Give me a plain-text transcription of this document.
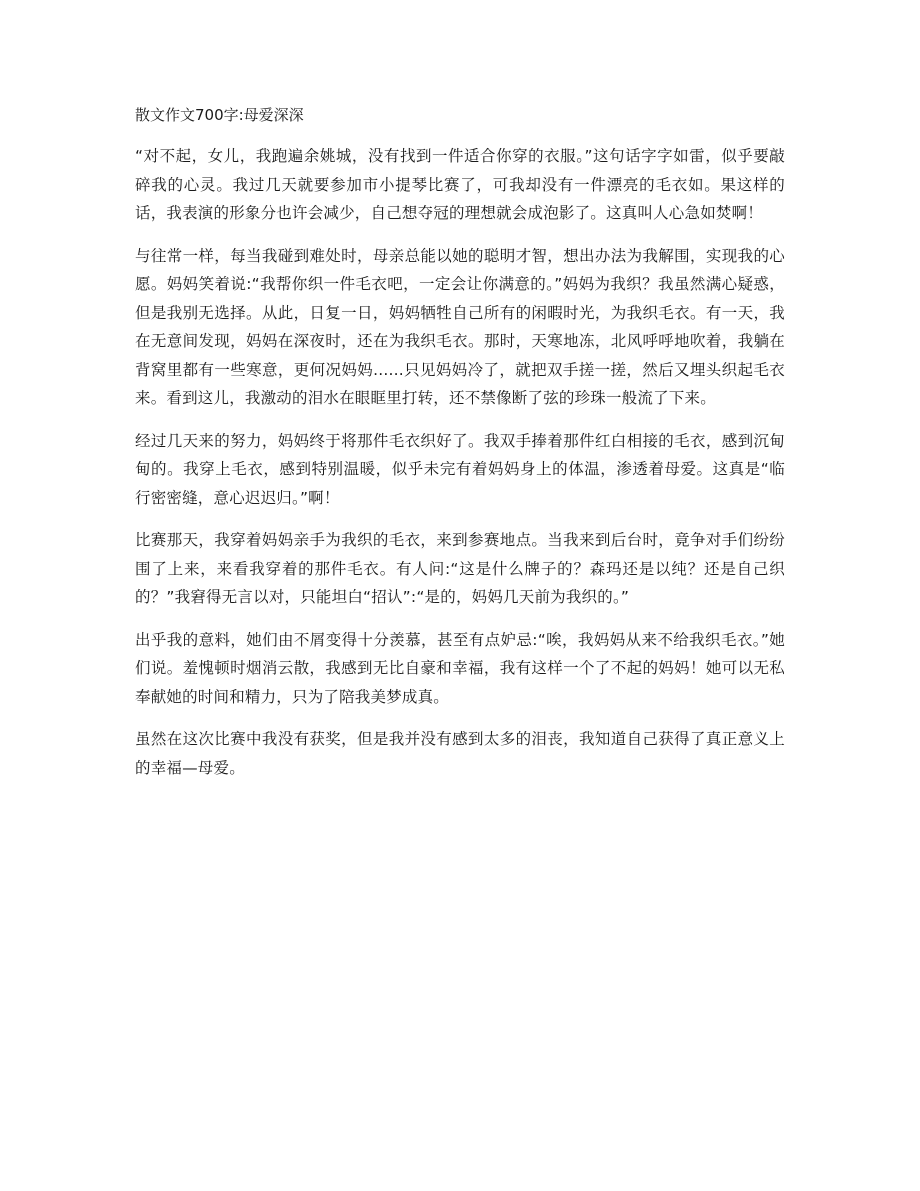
散文作文700字:母爱深深

“对不起，女儿，我跑遍余姚城，没有找到一件适合你穿的衣服。”这句话字字如雷，似乎要敲碎我的心灵。我过几天就要参加市小提琴比赛了，可我却没有一件漂亮的毛衣如。果这样的话，我表演的形象分也许会减少，自己想夺冠的理想就会成泡影了。这真叫人心急如焚啊！

与往常一样，每当我碰到难处时，母亲总能以她的聪明才智，想出办法为我解围，实现我的心愿。妈妈笑着说:“我帮你织一件毛衣吧，一定会让你满意的。”妈妈为我织？我虽然满心疑惑，但是我别无选择。从此，日复一日，妈妈牺牲自己所有的闲暇时光，为我织毛衣。有一天，我在无意间发现，妈妈在深夜时，还在为我织毛衣。那时，天寒地冻，北风呼呼地吹着，我躺在背窝里都有一些寒意，更何况妈妈......只见妈妈冷了，就把双手搓一搓，然后又埋头织起毛衣来。看到这儿，我激动的泪水在眼眶里打转，还不禁像断了弦的珍珠一般流了下来。

经过几天来的努力，妈妈终于将那件毛衣织好了。我双手捧着那件红白相接的毛衣，感到沉甸甸的。我穿上毛衣，感到特别温暖，似乎未完有着妈妈身上的体温，渗透着母爱。这真是“临行密密缝，意心迟迟归。”啊！

比赛那天，我穿着妈妈亲手为我织的毛衣，来到参赛地点。当我来到后台时，竟争对手们纷纷围了上来，来看我穿着的那件毛衣。有人问:“这是什么牌子的？森玛还是以纯？还是自己织的？”我窘得无言以对，只能坦白“招认”:“是的，妈妈几天前为我织的。”

出乎我的意料，她们由不屑变得十分羡慕，甚至有点妒忌:“唉，我妈妈从来不给我织毛衣。”她们说。羞愧顿时烟消云散，我感到无比自豪和幸福，我有这样一个了不起的妈妈！她可以无私奉献她的时间和精力，只为了陪我美梦成真。

虽然在这次比赛中我没有获奖，但是我并没有感到太多的泪丧，我知道自己获得了真正意义上的幸福—母爱。
